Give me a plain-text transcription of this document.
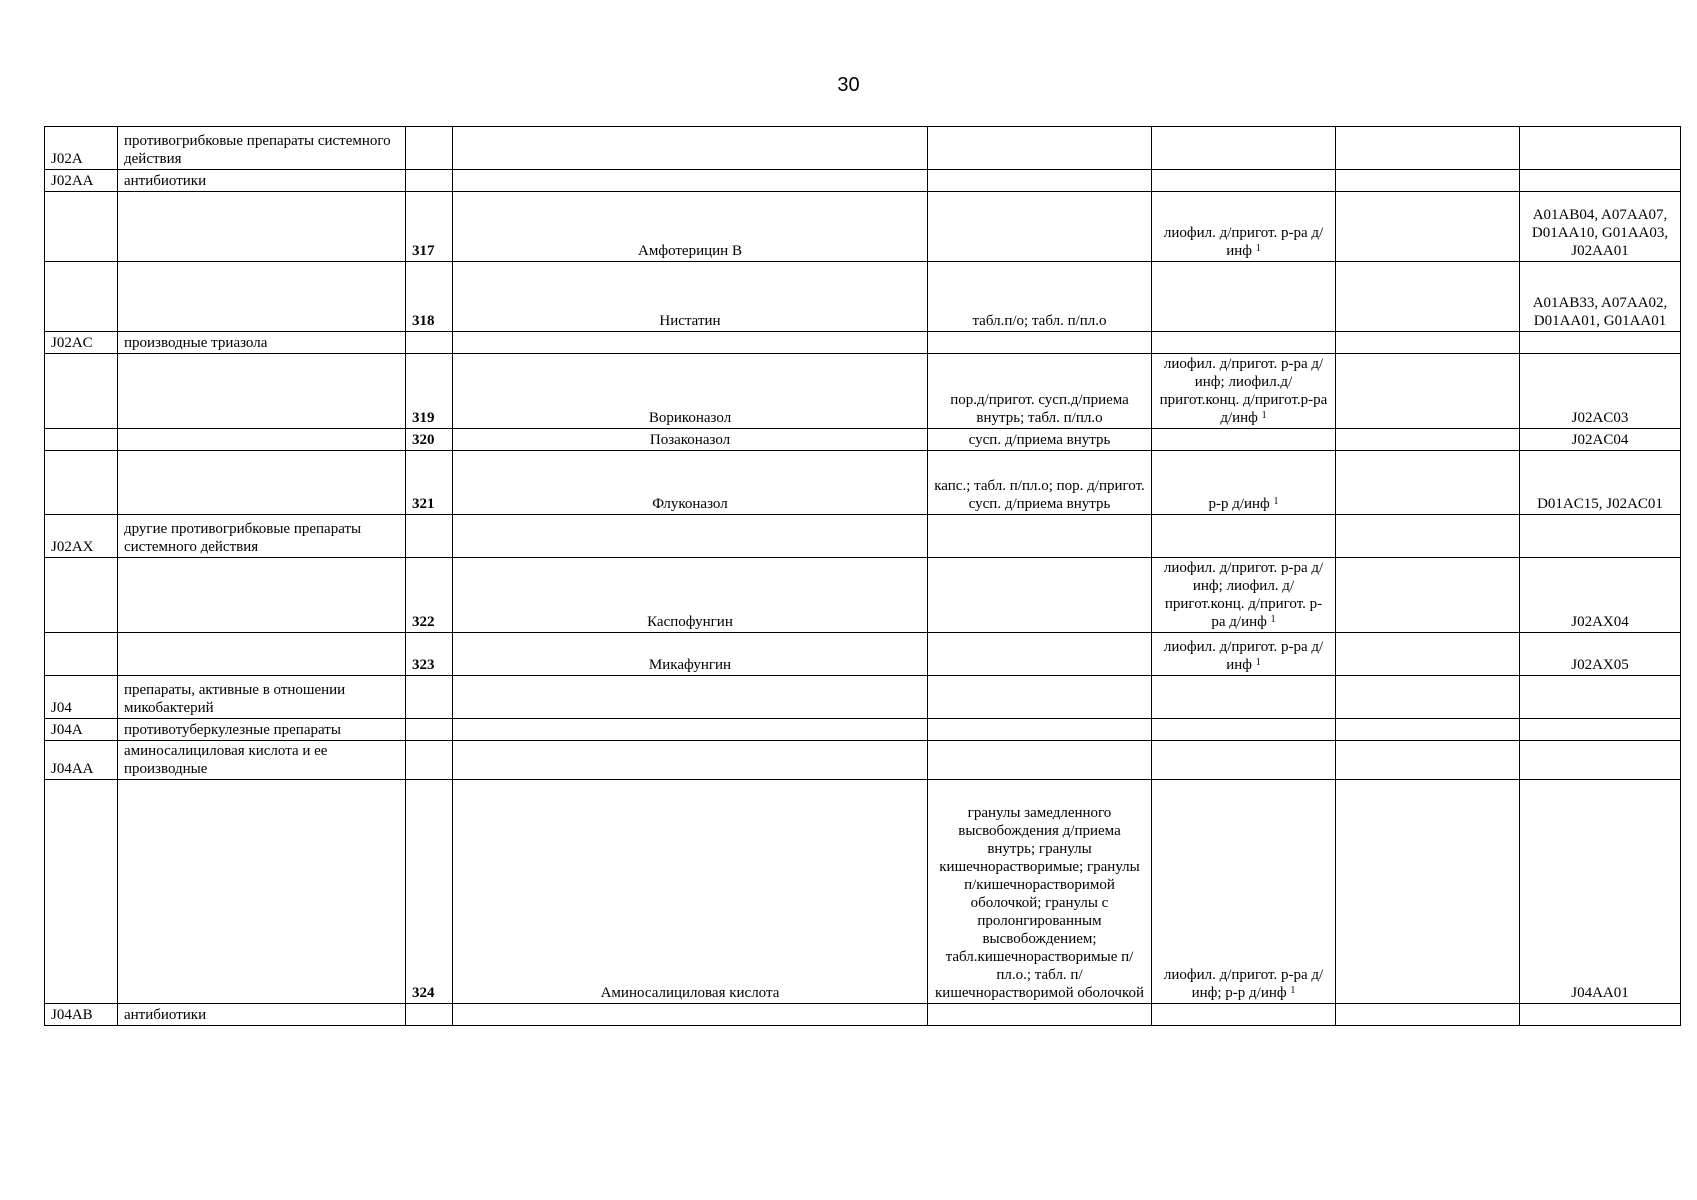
30
J02A	противогрибковые препараты системного действия						
J02AA	антибиотики						
		317	Амфотерицин В		лиофил. д/пригот. р-ра д/инф $^1$		A01AB04, A07AA07, D01AA10, G01AA03, J02AA01
		318	Нистатин	табл.п/о; табл. п/пл.о			A01AB33, A07AA02, D01AA01, G01AA01
J02AC	производные триазола						
		319	Вориконазол	пор.д/пригот. сусп.д/приема внутрь; табл. п/пл.о	лиофил. д/пригот. р-ра д/инф; лиофил.д/пригот.конц. д/пригот.р-ра д/инф $^1$		J02AC03
		320	Позаконазол	сусп. д/приема внутрь			J02AC04
		321	Флуконазол	капс.; табл. п/пл.о; пор. д/пригот. сусп. д/приема внутрь	р-р д/инф $^1$		D01AC15, J02AC01
J02AX	другие противогрибковые препараты системного действия						
		322	Каспофунгин		лиофил. д/пригот. р-ра д/инф; лиофил. д/пригот.конц. д/пригот. р-ра д/инф $^1$		J02AX04
		323	Микафунгин		лиофил. д/пригот. р-ра д/инф $^1$		J02AX05
J04	препараты, активные в отношении микобактерий						
J04A	противотуберкулезные препараты						
J04AA	аминосалициловая кислота и ее производные						
		324	Аминосалициловая кислота	гранулы замедленного высвобождения д/приема внутрь; гранулы кишечнорастворимые; гранулы п/кишечнорастворимой оболочкой; гранулы с пролонгированным высвобождением; табл.кишечнорастворимые п/пл.о.; табл. п/кишечнорастворимой оболочкой	лиофил. д/пригот. р-ра д/инф; р-р д/инф $^1$		J04AA01
J04AB	антибиотики						
